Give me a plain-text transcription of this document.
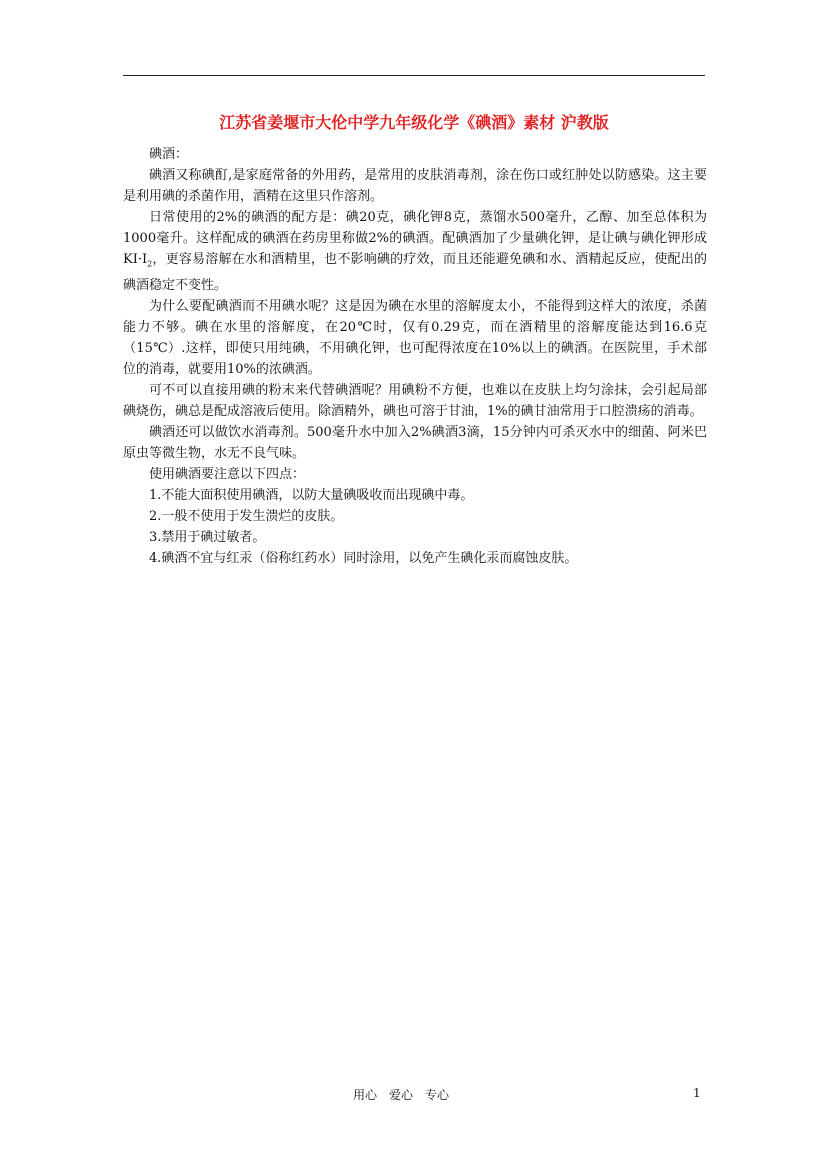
江苏省姜堰市大伦中学九年级化学《碘酒》素材 沪教版

碘酒：

碘酒又称碘酊,是家庭常备的外用药，是常用的皮肤消毒剂，涂在伤口或红肿处以防感染。这主要是利用碘的杀菌作用，酒精在这里只作溶剂。

日常使用的2%的碘酒的配方是：碘20克，碘化钾8克，蒸馏水500毫升，乙醇、加至总体积为1000毫升。这样配成的碘酒在药房里称做2%的碘酒。配碘酒加了少量碘化钾，是让碘与碘化钾形成$KI\cdot I_2$，更容易溶解在水和酒精里，也不影响碘的疗效，而且还能避免碘和水、酒精起反应，使配出的碘酒稳定不变性。

为什么要配碘酒而不用碘水呢？这是因为碘在水里的溶解度太小，不能得到这样大的浓度，杀菌能力不够。碘在水里的溶解度，在20℃时，仅有0.29克，而在酒精里的溶解度能达到16.6克（15℃）.这样，即使只用纯碘，不用碘化钾，也可配得浓度在10%以上的碘酒。在医院里，手术部位的消毒，就要用10%的浓碘酒。

可不可以直接用碘的粉末来代替碘酒呢？用碘粉不方便，也难以在皮肤上均匀涂抹，会引起局部碘烧伤，碘总是配成溶液后使用。除酒精外，碘也可溶于甘油，1%的碘甘油常用于口腔溃疡的消毒。

碘酒还可以做饮水消毒剂。500毫升水中加入2%碘酒3滴，15分钟内可杀灭水中的细菌、阿米巴原虫等微生物，水无不良气味。

使用碘酒要注意以下四点：

1.不能大面积使用碘酒，以防大量碘吸收而出现碘中毒。

2.一般不使用于发生溃烂的皮肤。

3.禁用于碘过敏者。

4.碘酒不宜与红汞（俗称红药水）同时涂用，以免产生碘化汞而腐蚀皮肤。

用心　爱心　专心	1
